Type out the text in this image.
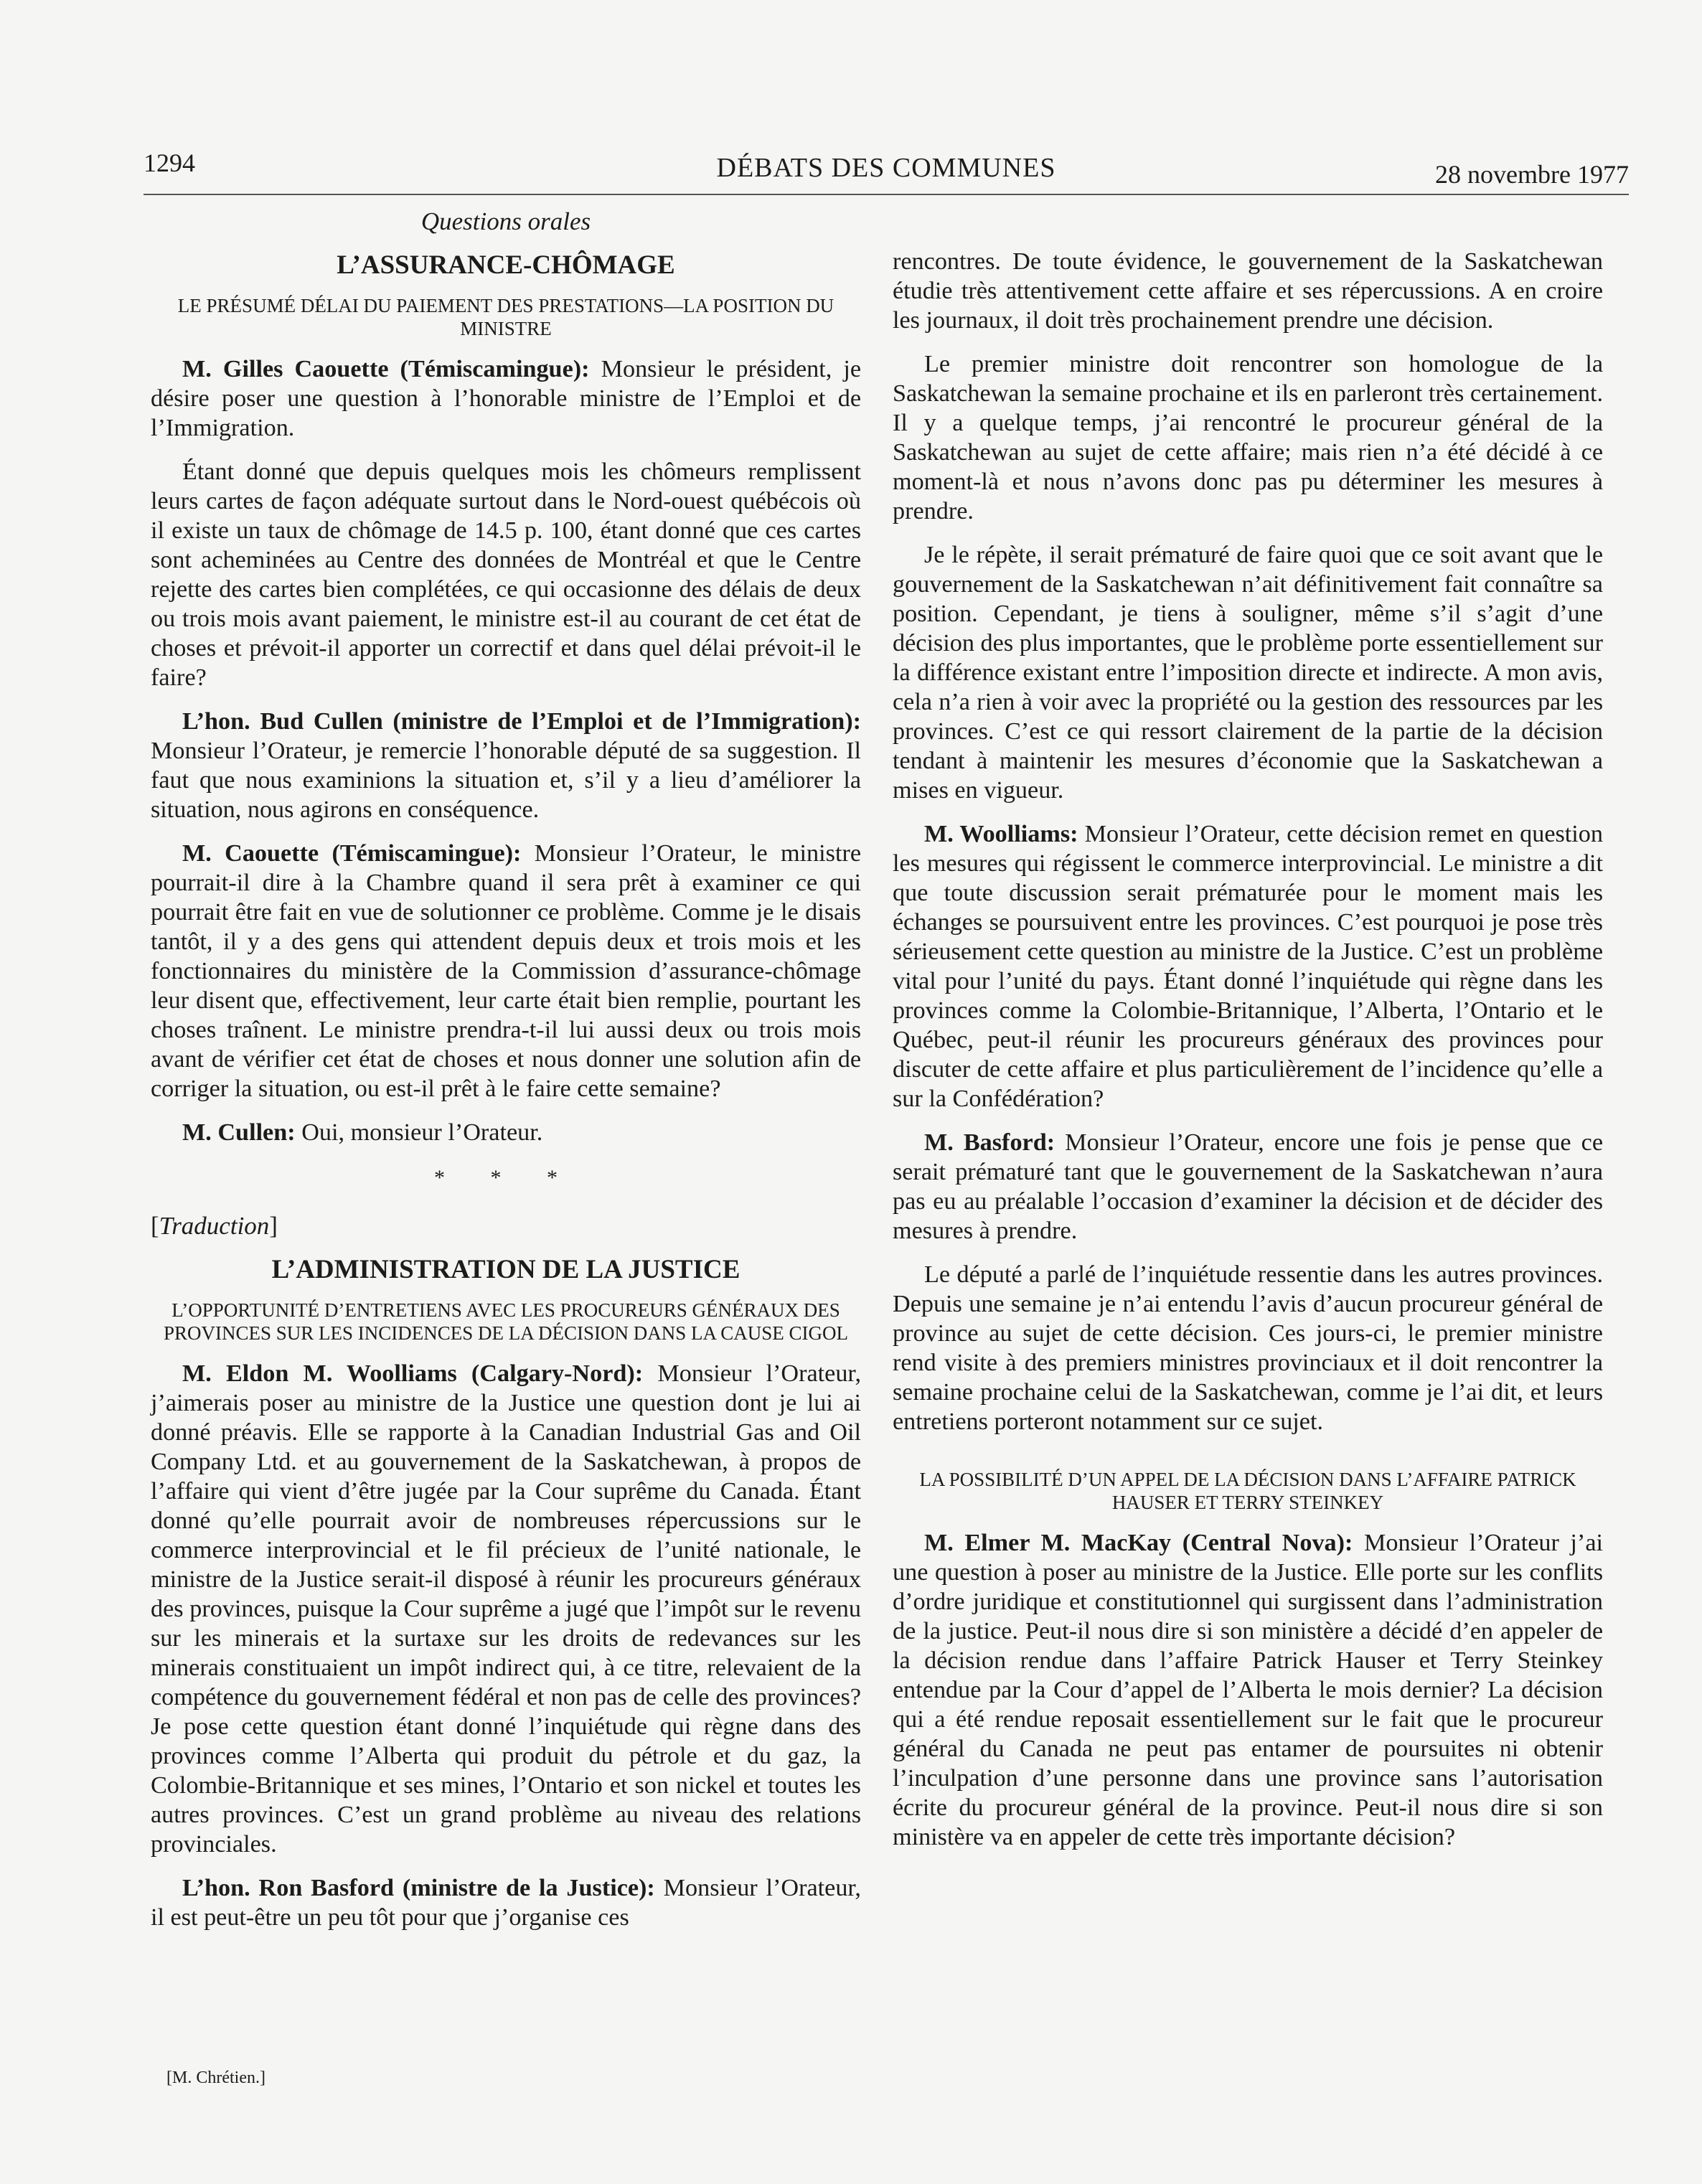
1294	DÉBATS DES COMMUNES	28 novembre 1977

Questions orales

L’ASSURANCE-CHÔMAGE

LE PRÉSUMÉ DÉLAI DU PAIEMENT DES PRESTATIONS—LA POSITION DU MINISTRE

M. Gilles Caouette (Témiscamingue): Monsieur le président, je désire poser une question à l’honorable ministre de l’Emploi et de l’Immigration.

Étant donné que depuis quelques mois les chômeurs remplissent leurs cartes de façon adéquate surtout dans le Nord-ouest québécois où il existe un taux de chômage de 14.5 p. 100, étant donné que ces cartes sont acheminées au Centre des données de Montréal et que le Centre rejette des cartes bien complétées, ce qui occasionne des délais de deux ou trois mois avant paiement, le ministre est-il au courant de cet état de choses et prévoit-il apporter un correctif et dans quel délai prévoit-il le faire?

L’hon. Bud Cullen (ministre de l’Emploi et de l’Immigration): Monsieur l’Orateur, je remercie l’honorable député de sa suggestion. Il faut que nous examinions la situation et, s’il y a lieu d’améliorer la situation, nous agirons en conséquence.

M. Caouette (Témiscamingue): Monsieur l’Orateur, le ministre pourrait-il dire à la Chambre quand il sera prêt à examiner ce qui pourrait être fait en vue de solutionner ce problème. Comme je le disais tantôt, il y a des gens qui attendent depuis deux et trois mois et les fonctionnaires du ministère de la Commission d’assurance-chômage leur disent que, effectivement, leur carte était bien remplie, pourtant les choses traînent. Le ministre prendra-t-il lui aussi deux ou trois mois avant de vérifier cet état de choses et nous donner une solution afin de corriger la situation, ou est-il prêt à le faire cette semaine?

M. Cullen: Oui, monsieur l’Orateur.

* * *

[Traduction]

L’ADMINISTRATION DE LA JUSTICE

L’OPPORTUNITÉ D’ENTRETIENS AVEC LES PROCUREURS GÉNÉRAUX DES PROVINCES SUR LES INCIDENCES DE LA DÉCISION DANS LA CAUSE CIGOL

M. Eldon M. Woolliams (Calgary-Nord): Monsieur l’Orateur, j’aimerais poser au ministre de la Justice une question dont je lui ai donné préavis. Elle se rapporte à la Canadian Industrial Gas and Oil Company Ltd. et au gouvernement de la Saskatchewan, à propos de l’affaire qui vient d’être jugée par la Cour suprême du Canada. Étant donné qu’elle pourrait avoir de nombreuses répercussions sur le commerce interprovincial et le fil précieux de l’unité nationale, le ministre de la Justice serait-il disposé à réunir les procureurs généraux des provinces, puisque la Cour suprême a jugé que l’impôt sur le revenu sur les minerais et la surtaxe sur les droits de redevances sur les minerais constituaient un impôt indirect qui, à ce titre, relevaient de la compétence du gouvernement fédéral et non pas de celle des provinces? Je pose cette question étant donné l’inquiétude qui règne dans des provinces comme l’Alberta qui produit du pétrole et du gaz, la Colombie-Britannique et ses mines, l’Ontario et son nickel et toutes les autres provinces. C’est un grand problème au niveau des relations provinciales.

L’hon. Ron Basford (ministre de la Justice): Monsieur l’Orateur, il est peut-être un peu tôt pour que j’organise ces

[M. Chrétien.]

rencontres. De toute évidence, le gouvernement de la Saskatchewan étudie très attentivement cette affaire et ses répercussions. A en croire les journaux, il doit très prochainement prendre une décision.

Le premier ministre doit rencontrer son homologue de la Saskatchewan la semaine prochaine et ils en parleront très certainement. Il y a quelque temps, j’ai rencontré le procureur général de la Saskatchewan au sujet de cette affaire; mais rien n’a été décidé à ce moment-là et nous n’avons donc pas pu déterminer les mesures à prendre.

Je le répète, il serait prématuré de faire quoi que ce soit avant que le gouvernement de la Saskatchewan n’ait définitivement fait connaître sa position. Cependant, je tiens à souligner, même s’il s’agit d’une décision des plus importantes, que le problème porte essentiellement sur la différence existant entre l’imposition directe et indirecte. A mon avis, cela n’a rien à voir avec la propriété ou la gestion des ressources par les provinces. C’est ce qui ressort clairement de la partie de la décision tendant à maintenir les mesures d’économie que la Saskatchewan a mises en vigueur.

M. Woolliams: Monsieur l’Orateur, cette décision remet en question les mesures qui régissent le commerce interprovincial. Le ministre a dit que toute discussion serait prématurée pour le moment mais les échanges se poursuivent entre les provinces. C’est pourquoi je pose très sérieusement cette question au ministre de la Justice. C’est un problème vital pour l’unité du pays. Étant donné l’inquiétude qui règne dans les provinces comme la Colombie-Britannique, l’Alberta, l’Ontario et le Québec, peut-il réunir les procureurs généraux des provinces pour discuter de cette affaire et plus particulièrement de l’incidence qu’elle a sur la Confédération?

M. Basford: Monsieur l’Orateur, encore une fois je pense que ce serait prématuré tant que le gouvernement de la Saskatchewan n’aura pas eu au préalable l’occasion d’examiner la décision et de décider des mesures à prendre.

Le député a parlé de l’inquiétude ressentie dans les autres provinces. Depuis une semaine je n’ai entendu l’avis d’aucun procureur général de province au sujet de cette décision. Ces jours-ci, le premier ministre rend visite à des premiers ministres provinciaux et il doit rencontrer la semaine prochaine celui de la Saskatchewan, comme je l’ai dit, et leurs entretiens porteront notamment sur ce sujet.

LA POSSIBILITÉ D’UN APPEL DE LA DÉCISION DANS L’AFFAIRE PATRICK HAUSER ET TERRY STEINKEY

M. Elmer M. MacKay (Central Nova): Monsieur l’Orateur j’ai une question à poser au ministre de la Justice. Elle porte sur les conflits d’ordre juridique et constitutionnel qui surgissent dans l’administration de la justice. Peut-il nous dire si son ministère a décidé d’en appeler de la décision rendue dans l’affaire Patrick Hauser et Terry Steinkey entendue par la Cour d’appel de l’Alberta le mois dernier? La décision qui a été rendue reposait essentiellement sur le fait que le procureur général du Canada ne peut pas entamer de poursuites ni obtenir l’inculpation d’une personne dans une province sans l’autorisation écrite du procureur général de la province. Peut-il nous dire si son ministère va en appeler de cette très importante décision?
